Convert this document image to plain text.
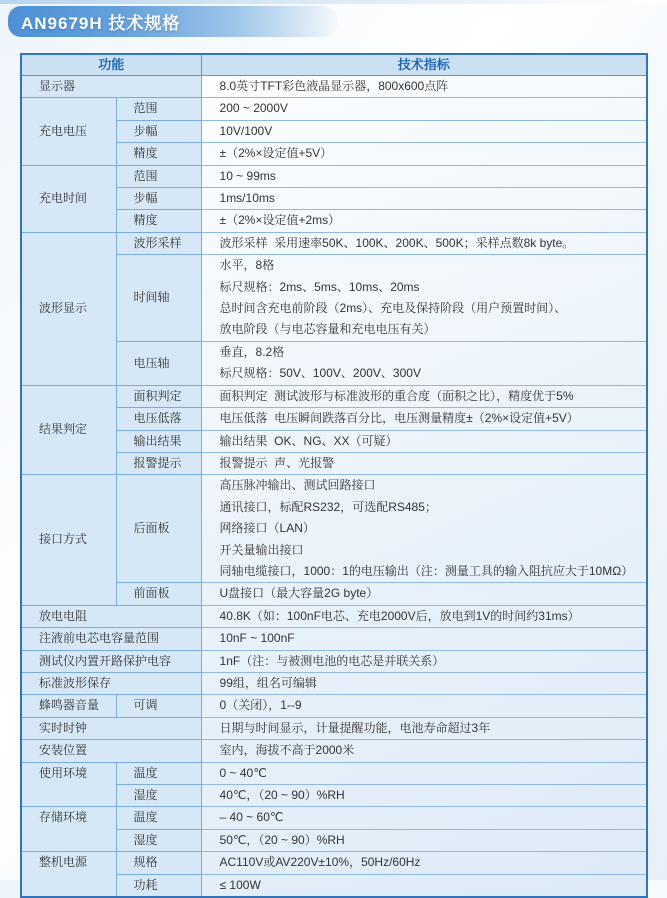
AN9679H 技术规格
功能		技术指标
显示器		8.0英寸TFT彩色液晶显示器，800x600点阵

充电电压	范围	200 ~ 2000V

	步幅	10V/100V

	精度	±（2%×设定值+5V）

充电时间	范围	10 ~ 99ms

	步幅	1ms/10ms

	精度	±（2%×设定值+2ms）

波形显示	波形采样	波形采样  采用速率50K、100K、200K、500K；采样点数8k byte。

	时间轴	水平，8格
标尺规格：2ms、5ms、10ms、20ms
总时间含充电前阶段（2ms）、充电及保持阶段（用户预置时间）、
放电阶段（与电芯容量和充电电压有关）

	电压轴	垂直，8.2格
标尺规格：50V、100V、200V、300V

结果判定	面积判定	面积判定  测试波形与标准波形的重合度（面积之比），精度优于5%

	电压低落	电压低落  电压瞬间跌落百分比，电压测量精度±（2%×设定值+5V）

	输出结果	输出结果  OK、NG、XX（可疑）

	报警提示	报警提示  声、光报警

接口方式	后面板	高压脉冲输出、测试回路接口
通讯接口，标配RS232，可选配RS485；
网络接口（LAN）
开关量输出接口
同轴电缆接口，1000：1的电压输出（注：测量工具的输入阻抗应大于10MΩ）

	前面板	U盘接口（最大容量2G byte）

放电电阻		40.8K（如：100nF电芯、充电2000V后，放电到1V的时间约31ms）

注液前电芯电容量范围		10nF ~ 100nF

测试仪内置开路保护电容		1nF（注：与被测电池的电芯是并联关系）

标准波形保存		99组，组名可编辑

蜂鸣器音量	可调	0（关闭），1--9

实时时钟		日期与时间显示，计量提醒功能，电池寿命超过3年

安装位置		室内，海拔不高于2000米

使用环境	温度	0 ~ 40℃

	湿度	40℃，（20 ~ 90）%RH

存储环境	温度	– 40 ~ 60℃

	湿度	50℃，（20 ~ 90）%RH

整机电源	规格	AC110V或AV220V±10%，50Hz/60Hz

	功耗	≤ 100W
